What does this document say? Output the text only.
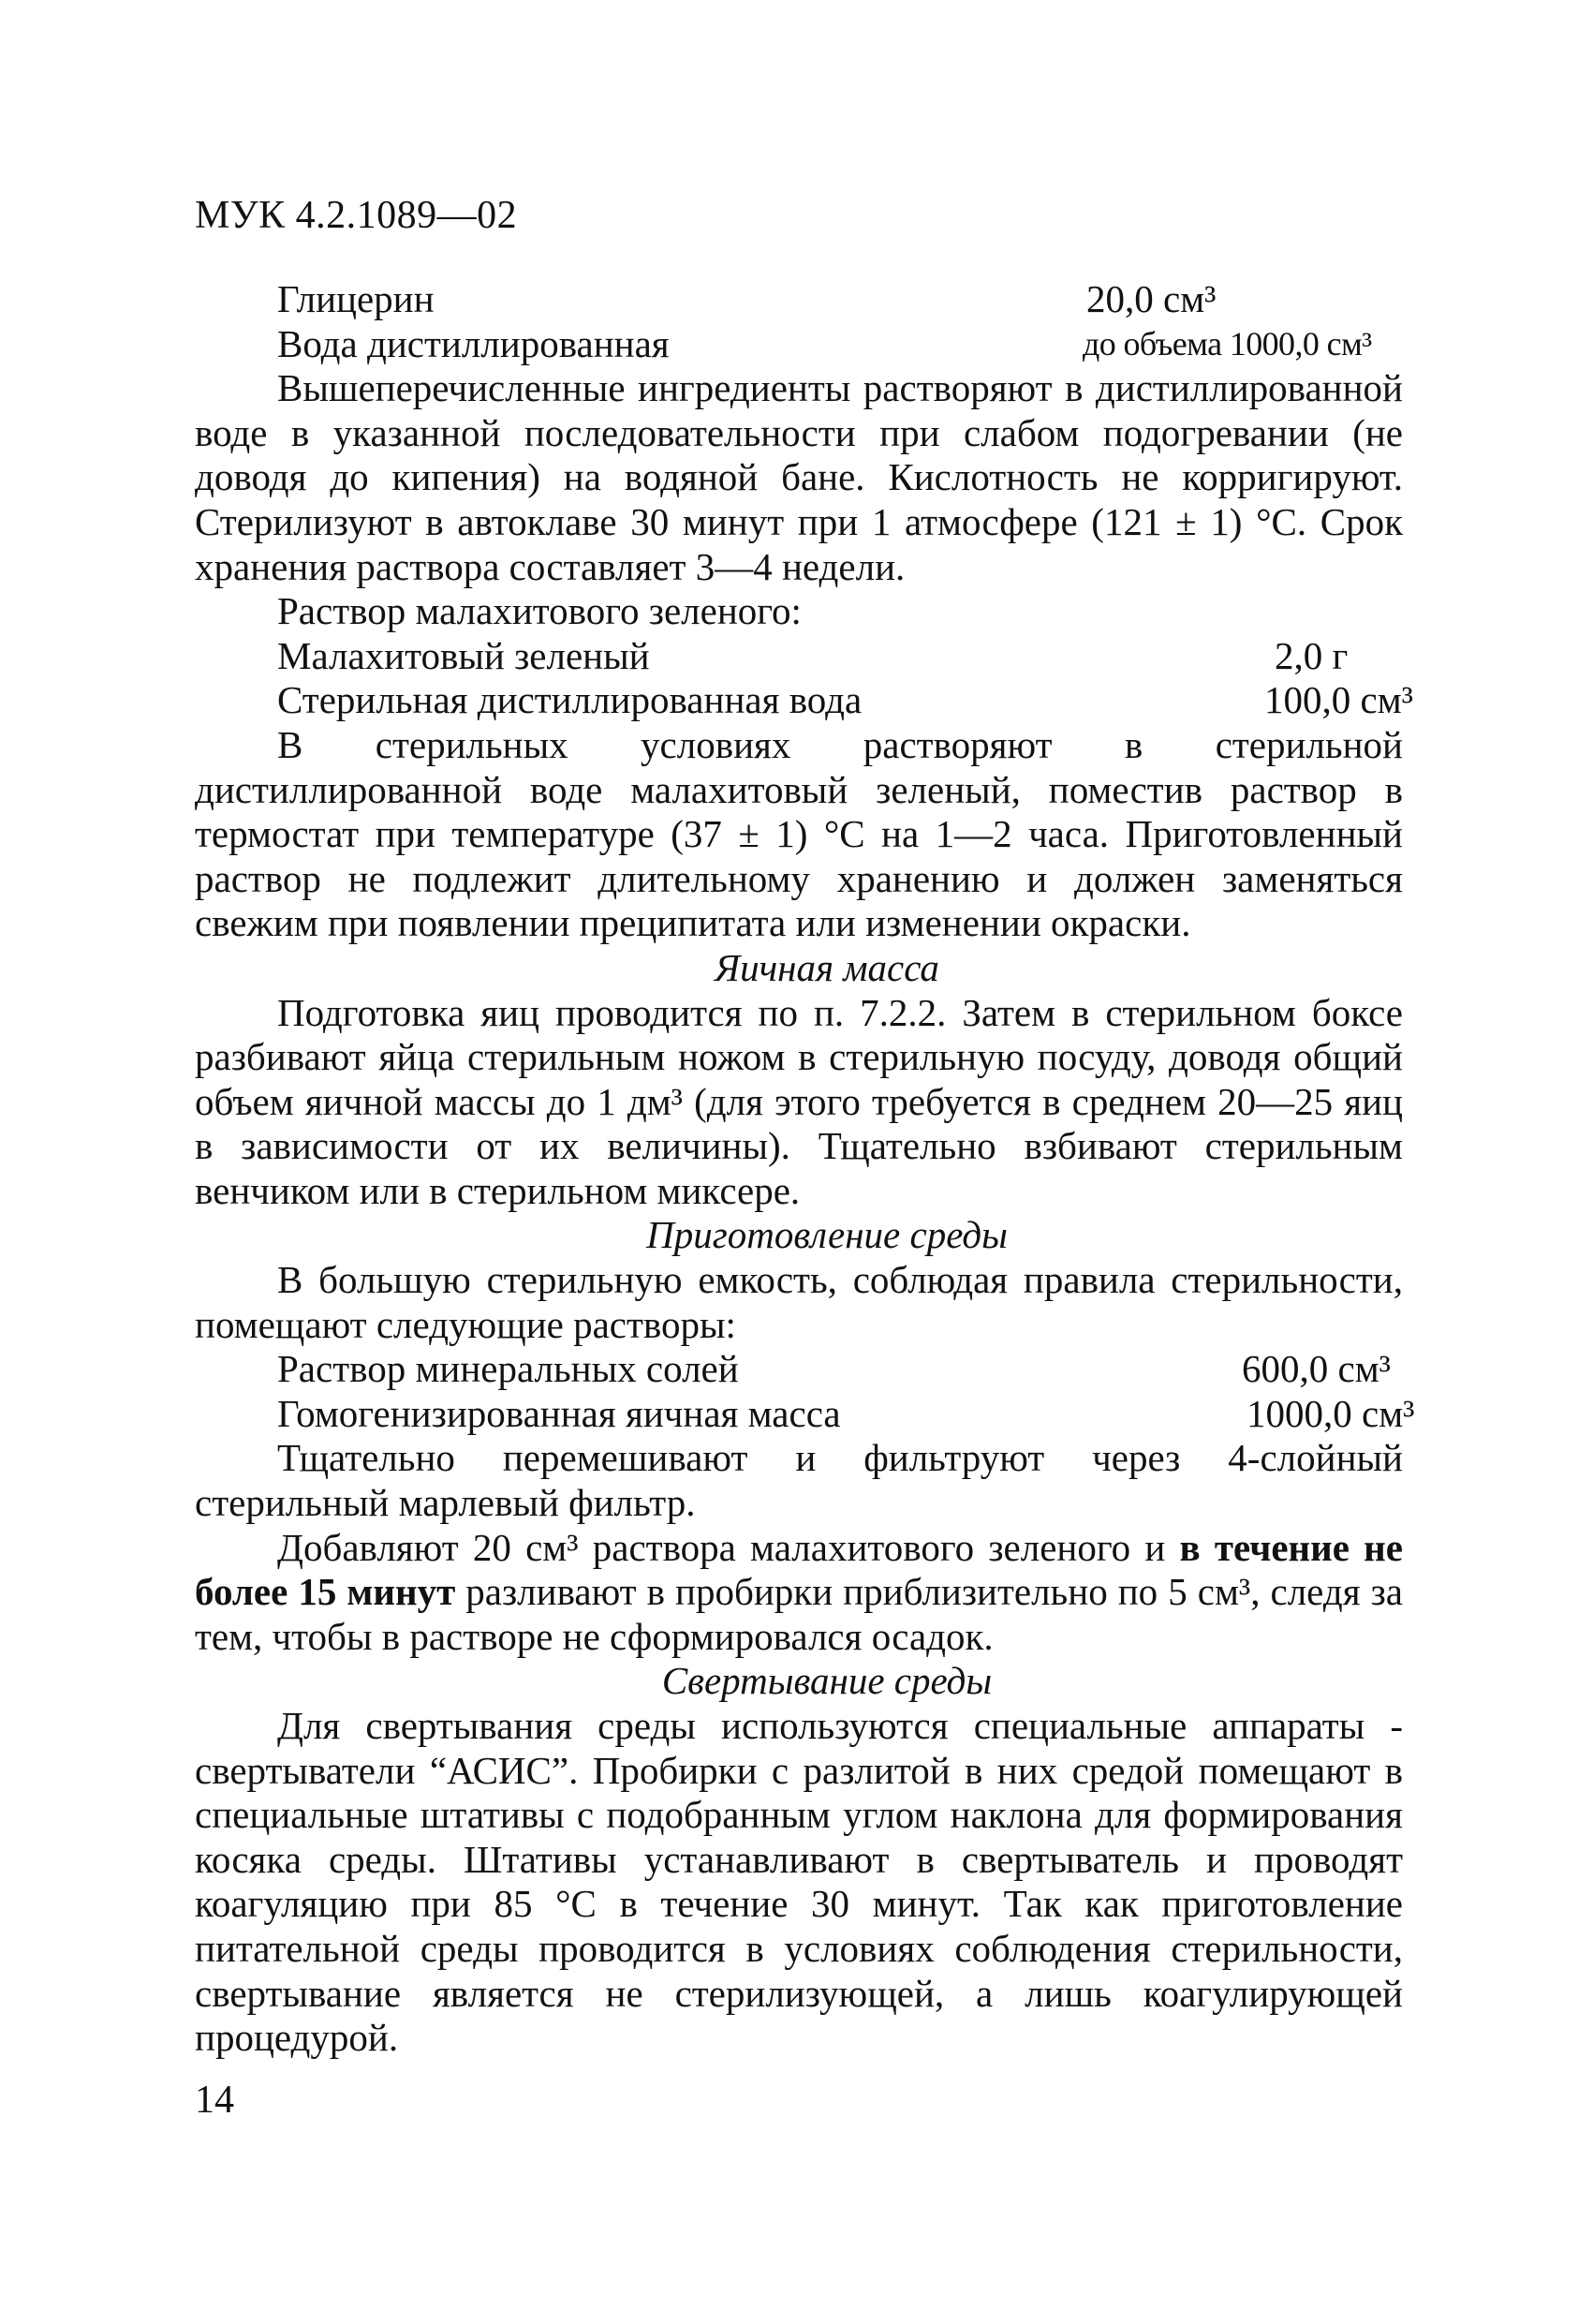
МУК 4.2.1089—02
Глицерин	20,0 см³
Вода дистиллированная	до объема 1000,0 см³

Вышеперечисленные ингредиенты растворяют в дистиллированной воде в указанной последовательности при слабом подогревании (не доводя до кипения) на водяной бане. Кислотность не корригируют. Стерилизуют в автоклаве 30 минут при 1 атмосфере (121 ± 1) °С. Срок хранения раствора составляет 3—4 недели.

Раствор малахитового зеленого:
Малахитовый зеленый	2,0 г
Стерильная дистиллированная вода	100,0 см³

В стерильных условиях растворяют в стерильной дистиллированной воде малахитовый зеленый, поместив раствор в термостат при температуре (37 ± 1) °С на 1—2 часа. Приготовленный раствор не подлежит длительному хранению и должен заменяться свежим при появлении преципитата или изменении окраски.

Яичная масса

Подготовка яиц проводится по п. 7.2.2. Затем в стерильном боксе разбивают яйца стерильным ножом в стерильную посуду, доводя общий объем яичной массы до 1 дм³ (для этого требуется в среднем 20—25 яиц в зависимости от их величины). Тщательно взбивают стерильным венчиком или в стерильном миксере.

Приготовление среды

В большую стерильную емкость, соблюдая правила стерильности, помещают следующие растворы:

Раствор минеральных солей	600,0 см³
Гомогенизированная яичная масса	1000,0 см³

Тщательно перемешивают и фильтруют через 4-слойный стерильный марлевый фильтр.

Добавляют 20 см³ раствора малахитового зеленого и в течение не более 15 минут разливают в пробирки приблизительно по 5 см³, следя за тем, чтобы в растворе не сформировался осадок.

Свертывание среды

Для свертывания среды используются специальные аппараты - свертыватели “АСИС”. Пробирки с разлитой в них средой помещают в специальные штативы с подобранным углом наклона для формирования косяка среды. Штативы устанавливают в свертыватель и проводят коагуляцию при 85 °С в течение 30 минут. Так как приготовление питательной среды проводится в условиях соблюдения стерильности, свертывание является не стерилизующей, а лишь коагулирующей процедурой.

14
